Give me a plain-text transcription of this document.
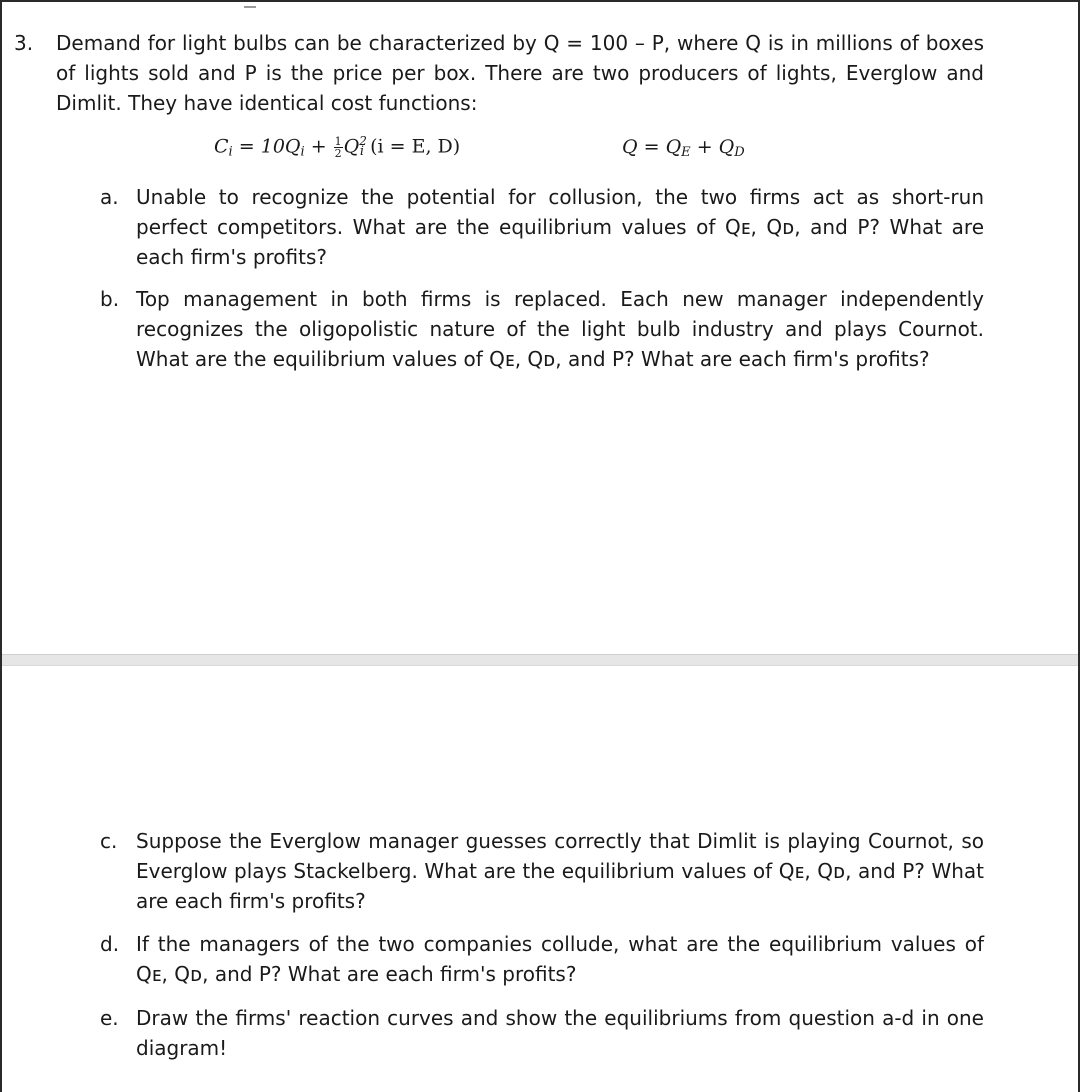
3. Demand for light bulbs can be characterized by Q = 100 – P, where Q is in millions of boxes of lights sold and P is the price per box. There are two producers of lights, Everglow and Dimlit. They have identical cost functions:
$C_i = 10Q_i + \frac{1}{2} Q^2_i$ (i = E, D)	$Q = Q_E + Q_D$
a. Unable to recognize the potential for collusion, the two firms act as short-run perfect competitors. What are the equilibrium values of Qᴇ, Qᴅ, and P? What are each firm's profits?
b. Top management in both firms is replaced. Each new manager independently recognizes the oligopolistic nature of the light bulb industry and plays Cournot. What are the equilibrium values of Qᴇ, Qᴅ, and P? What are each firm's profits?
c. Suppose the Everglow manager guesses correctly that Dimlit is playing Cournot, so Everglow plays Stackelberg. What are the equilibrium values of Qᴇ, Qᴅ, and P? What are each firm's profits?
d. If the managers of the two companies collude, what are the equilibrium values of Qᴇ, Qᴅ, and P? What are each firm's profits?
e. Draw the firms' reaction curves and show the equilibriums from question a-d in one diagram!
